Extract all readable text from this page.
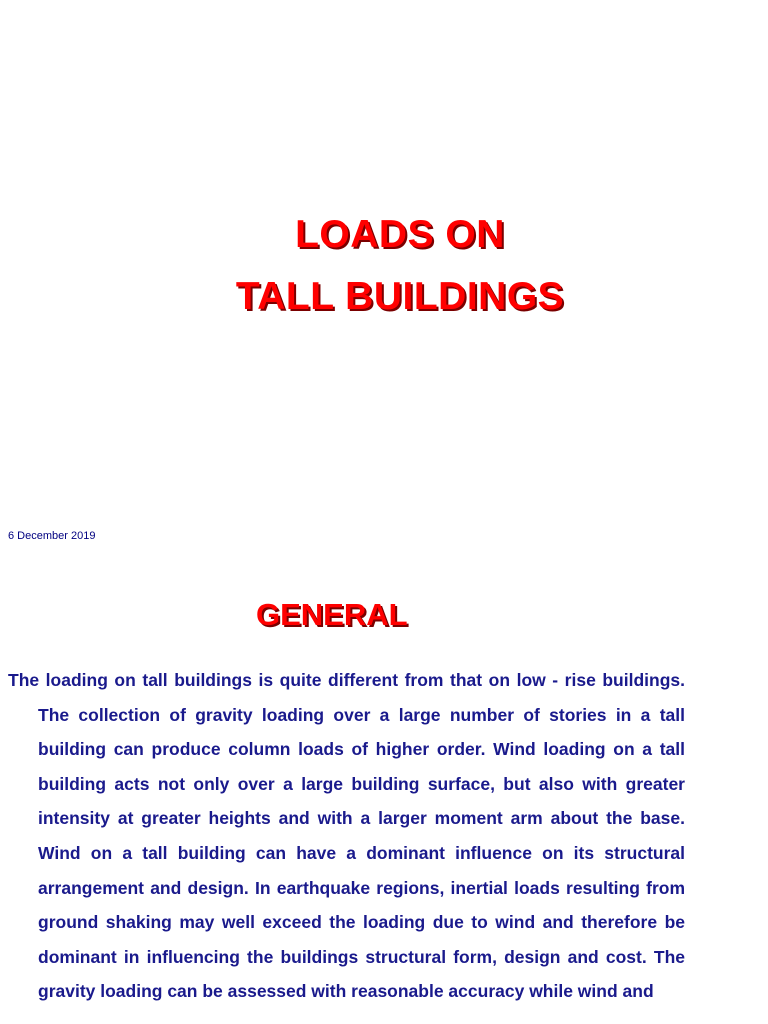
LOADS ON
TALL BUILDINGS
6 December 2019
GENERAL

The loading on tall buildings is quite different from that on low - rise buildings. The collection of gravity loading over a large number of stories in a tall building can produce column loads of higher order. Wind loading on a tall building acts not only over a large building surface, but also with greater intensity at greater heights and with a larger moment arm about the base. Wind on a tall building can have a dominant influence on its structural arrangement and design. In earthquake regions, inertial loads resulting from ground shaking may well exceed the loading due to wind and therefore be dominant in influencing the buildings structural form, design and cost. The gravity loading can be assessed with reasonable accuracy while wind and
